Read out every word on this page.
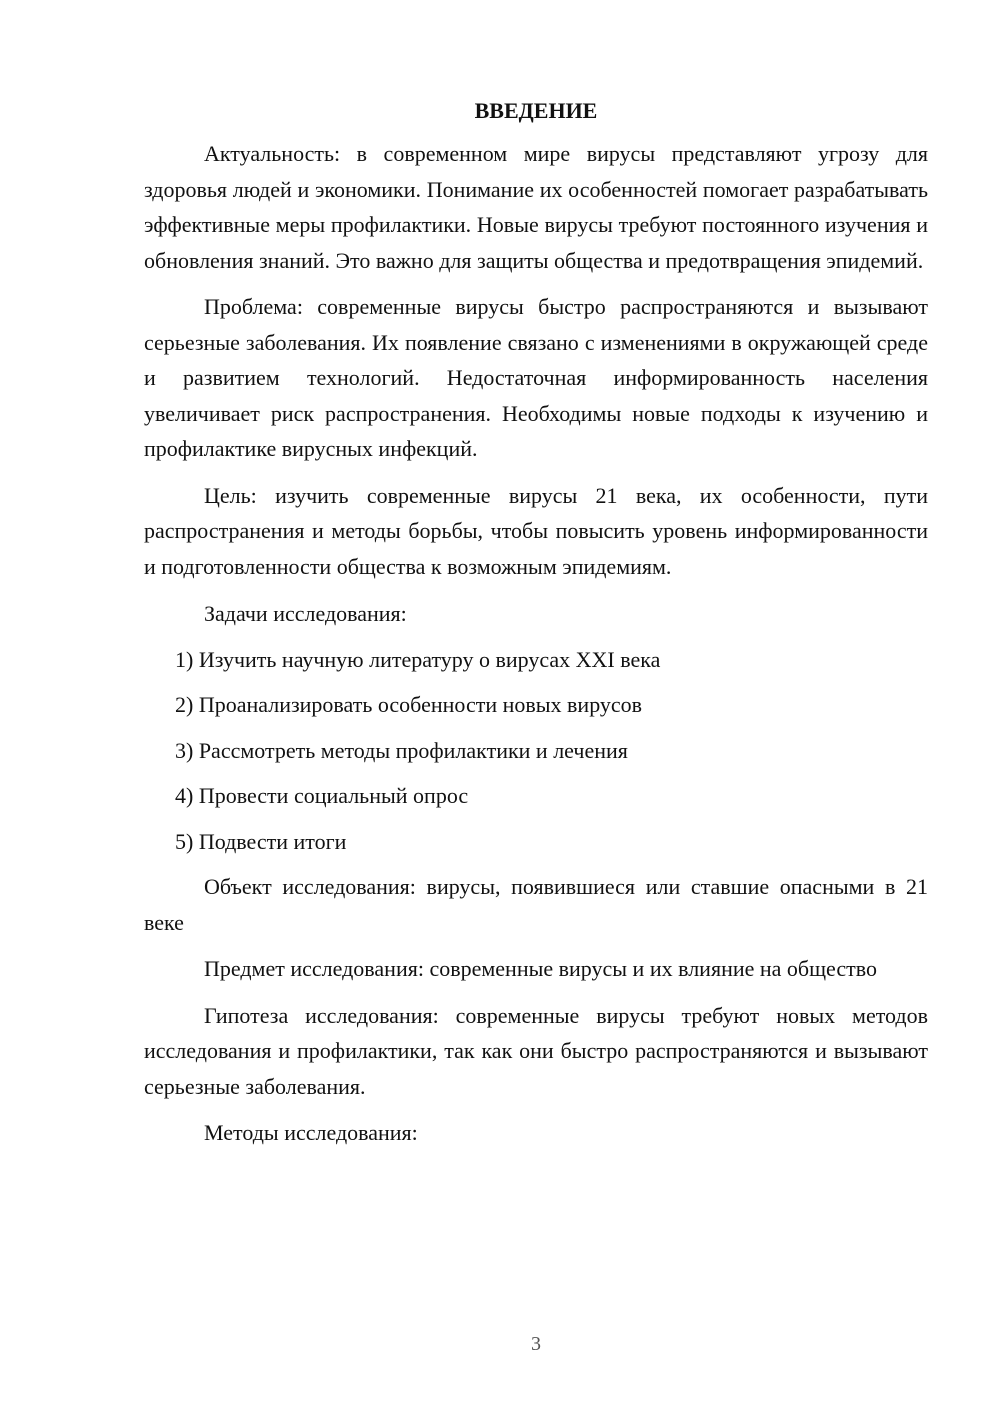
ВВЕДЕНИЕ

Актуальность: в современном мире вирусы представляют угрозу для здоровья людей и экономики. Понимание их особенностей помогает разрабатывать эффективные меры профилактики. Новые вирусы требуют постоянного изучения и обновления знаний. Это важно для защиты общества и предотвращения эпидемий.

Проблема: современные вирусы быстро распространяются и вызывают серьезные заболевания. Их появление связано с изменениями в окружающей среде и развитием технологий. Недостаточная информированность населения увеличивает риск распространения. Необходимы новые подходы к изучению и профилактике вирусных инфекций.

Цель: изучить современные вирусы 21 века, их особенности, пути распространения и методы борьбы, чтобы повысить уровень информированности и подготовленности общества к возможным эпидемиям.

Задачи исследования:

1) Изучить научную литературу о вирусах XXI века
2) Проанализировать особенности новых вирусов
3) Рассмотреть методы профилактики и лечения
4) Провести социальный опрос
5) Подвести итоги

Объект исследования: вирусы, появившиеся или ставшие опасными в 21 веке

Предмет исследования: современные вирусы и их влияние на общество

Гипотеза исследования: современные вирусы требуют новых методов исследования и профилактики, так как они быстро распространяются и вызывают серьезные заболевания.

Методы исследования:

3
